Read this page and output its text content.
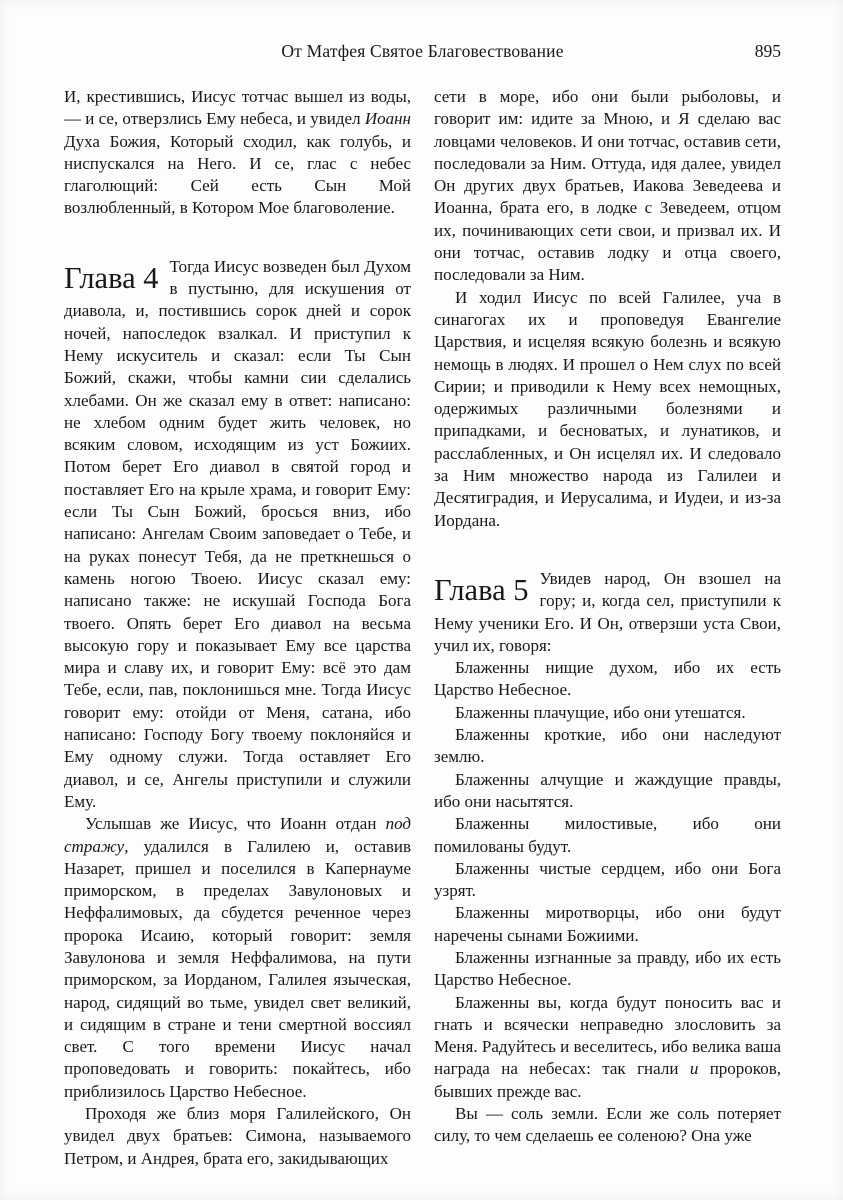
От Матфея Святое Благовествование	895

И, крестившись, Иисус тотчас вышел из воды, — и се, отверзлись Ему небеса, и увидел Иоанн Духа Божия, Который сходил, как голубь, и ниспускался на Него. И се, глас с небес глаголющий: Сей есть Сын Мой возлюбленный, в Котором Мое благоволение.

Глава 4 Тогда Иисус возведен был Духом в пустыню, для искушения от диавола, и, постившись сорок дней и сорок ночей, напоследок взалкал. И приступил к Нему искуситель и сказал: если Ты Сын Божий, скажи, чтобы камни сии сделались хлебами. Он же сказал ему в ответ: написано: не хлебом одним будет жить человек, но всяким словом, исходящим из уст Божиих. Потом берет Его диавол в святой город и поставляет Его на крыле храма, и говорит Ему: если Ты Сын Божий, бросься вниз, ибо написано: Ангелам Своим заповедает о Тебе, и на руках понесут Тебя, да не преткнешься о камень ногою Твоею. Иисус сказал ему: написано также: не искушай Господа Бога твоего. Опять берет Его диавол на весьма высокую гору и показывает Ему все царства мира и славу их, и говорит Ему: всё это дам Тебе, если, пав, поклонишься мне. Тогда Иисус говорит ему: отойди от Меня, сатана, ибо написано: Господу Богу твоему поклоняйся и Ему одному служи. Тогда оставляет Его диавол, и се, Ангелы приступили и служили Ему.

Услышав же Иисус, что Иоанн отдан под стражу, удалился в Галилею и, оставив Назарет, пришел и поселился в Капернауме приморском, в пределах Завулоновых и Неффалимовых, да сбудется реченное через пророка Исаию, который говорит: земля Завулонова и земля Неффалимова, на пути приморском, за Иорданом, Галилея языческая, народ, сидящий во тьме, увидел свет великий, и сидящим в стране и тени смертной воссиял свет. С того времени Иисус начал проповедовать и говорить: покайтесь, ибо приблизилось Царство Небесное.

Проходя же близ моря Галилейского, Он увидел двух братьев: Симона, называемого Петром, и Андрея, брата его, закидывающих

сети в море, ибо они были рыболовы, и говорит им: идите за Мною, и Я сделаю вас ловцами человеков. И они тотчас, оставив сети, последовали за Ним. Оттуда, идя далее, увидел Он других двух братьев, Иакова Зеведеева и Иоанна, брата его, в лодке с Зеведеем, отцом их, починивающих сети свои, и призвал их. И они тотчас, оставив лодку и отца своего, последовали за Ним.

И ходил Иисус по всей Галилее, уча в синагогах их и проповедуя Евангелие Царствия, и исцеляя всякую болезнь и всякую немощь в людях. И прошел о Нем слух по всей Сирии; и приводили к Нему всех немощных, одержимых различными болезнями и припадками, и бесноватых, и лунатиков, и расслабленных, и Он исцелял их. И следовало за Ним множество народа из Галилеи и Десятиградия, и Иерусалима, и Иудеи, и из-за Иордана.

Глава 5 Увидев народ, Он взошел на гору; и, когда сел, приступили к Нему ученики Его. И Он, отверзши уста Свои, учил их, говоря:

Блаженны нищие духом, ибо их есть Царство Небесное.

Блаженны плачущие, ибо они утешатся.

Блаженны кроткие, ибо они наследуют землю.

Блаженны алчущие и жаждущие правды, ибо они насытятся.

Блаженны милостивые, ибо они помилованы будут.

Блаженны чистые сердцем, ибо они Бога узрят.

Блаженны миротворцы, ибо они будут наречены сынами Божиими.

Блаженны изгнанные за правду, ибо их есть Царство Небесное.

Блаженны вы, когда будут поносить вас и гнать и всячески неправедно злословить за Меня. Радуйтесь и веселитесь, ибо велика ваша награда на небесах: так гнали и пророков, бывших прежде вас.

Вы — соль земли. Если же соль потеряет силу, то чем сделаешь ее соленою? Она уже
